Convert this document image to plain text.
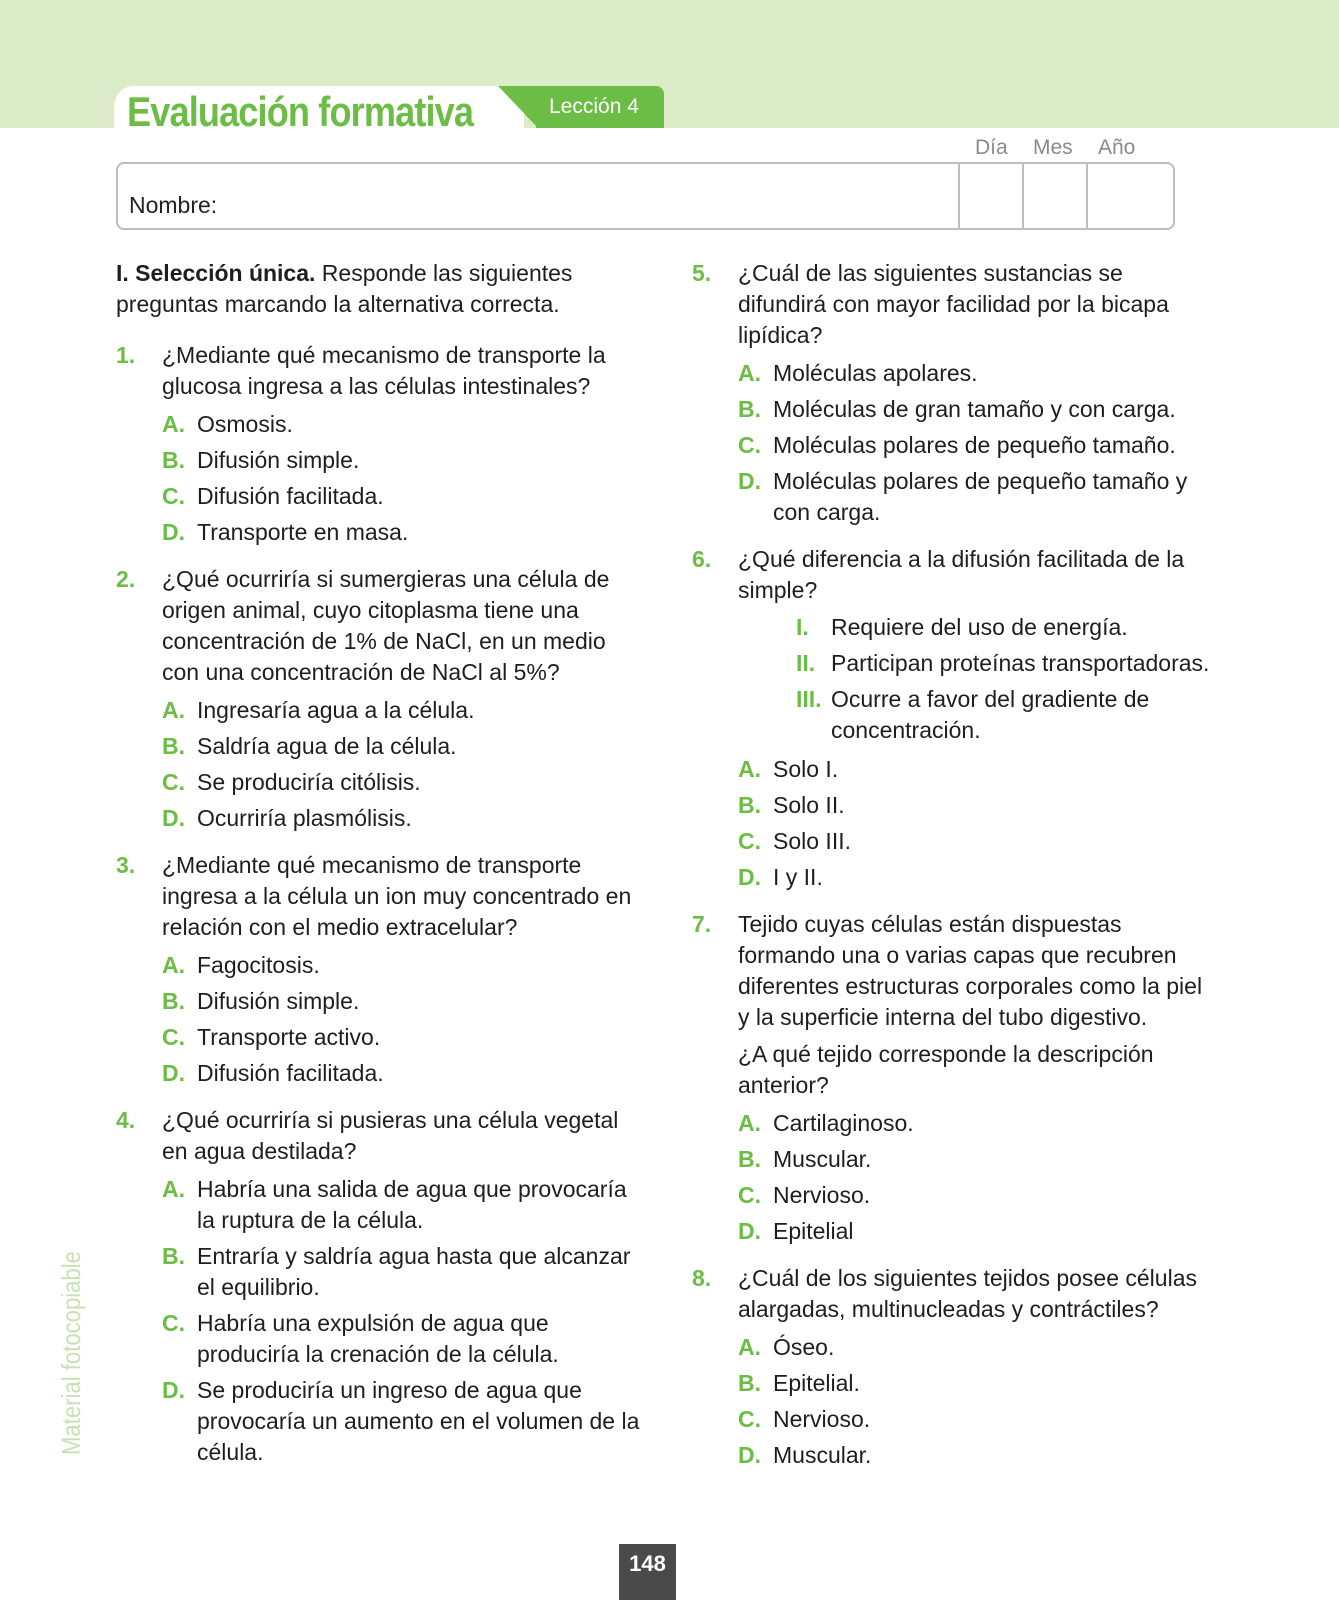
Evaluación formativa	Lección 4
Día Mes Año
Nombre:
I. Selección única. Responde las siguientes preguntas marcando la alternativa correcta.
1. ¿Mediante qué mecanismo de transporte la glucosa ingresa a las células intestinales?
A. Osmosis.
B. Difusión simple.
C. Difusión facilitada.
D. Transporte en masa.
2. ¿Qué ocurriría si sumergieras una célula de origen animal, cuyo citoplasma tiene una concentración de 1% de NaCl, en un medio con una concentración de NaCl al 5%?
A. Ingresaría agua a la célula.
B. Saldría agua de la célula.
C. Se produciría citólisis.
D. Ocurriría plasmólisis.
3. ¿Mediante qué mecanismo de transporte ingresa a la célula un ion muy concentrado en relación con el medio extracelular?
A. Fagocitosis.
B. Difusión simple.
C. Transporte activo.
D. Difusión facilitada.
4. ¿Qué ocurriría si pusieras una célula vegetal en agua destilada?
A. Habría una salida de agua que provocaría la ruptura de la célula.
B. Entraría y saldría agua hasta que alcanzar el equilibrio.
C. Habría una expulsión de agua que produciría la crenación de la célula.
D. Se produciría un ingreso de agua que provocaría un aumento en el volumen de la célula.
5. ¿Cuál de las siguientes sustancias se difundirá con mayor facilidad por la bicapa lipídica?
A. Moléculas apolares.
B. Moléculas de gran tamaño y con carga.
C. Moléculas polares de pequeño tamaño.
D. Moléculas polares de pequeño tamaño y con carga.
6. ¿Qué diferencia a la difusión facilitada de la simple?
I. Requiere del uso de energía.
II. Participan proteínas transportadoras.
III. Ocurre a favor del gradiente de concentración.
A. Solo I.
B. Solo II.
C. Solo III.
D. I y II.
7. Tejido cuyas células están dispuestas formando una o varias capas que recubren diferentes estructuras corporales como la piel y la superficie interna del tubo digestivo.
¿A qué tejido corresponde la descripción anterior?
A. Cartilaginoso.
B. Muscular.
C. Nervioso.
D. Epitelial
8. ¿Cuál de los siguientes tejidos posee células alargadas, multinucleadas y contráctiles?
A. Óseo.
B. Epitelial.
C. Nervioso.
D. Muscular.
Material fotocopiable
148
